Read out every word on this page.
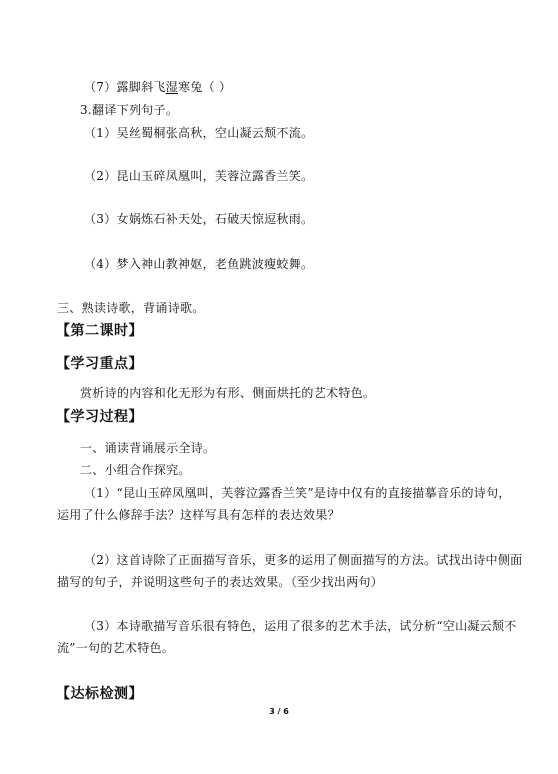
（7）露脚斜飞湿寒兔（ ）
3.翻译下列句子。
（1）吴丝蜀桐张高秋，空山凝云颓不流。
（2）昆山玉碎凤凰叫，芙蓉泣露香兰笑。
（3）女娲炼石补天处，石破天惊逗秋雨。
（4）梦入神山教神妪，老鱼跳波瘦蛟舞。
三、熟读诗歌，背诵诗歌。
【第二课时】
【学习重点】
赏析诗的内容和化无形为有形、侧面烘托的艺术特色。
【学习过程】
一、诵读背诵展示全诗。
二、小组合作探究。
（1）“昆山玉碎凤凰叫，芙蓉泣露香兰笑”是诗中仅有的直接描摹音乐的诗句，
运用了什么修辞手法？这样写具有怎样的表达效果？
（2）这首诗除了正面描写音乐，更多的运用了侧面描写的方法。试找出诗中侧面
描写的句子，并说明这些句子的表达效果。（至少找出两句）
（3）本诗歌描写音乐很有特色，运用了很多的艺术手法，试分析“空山凝云颓不
流”一句的艺术特色。
【达标检测】
3 / 6
